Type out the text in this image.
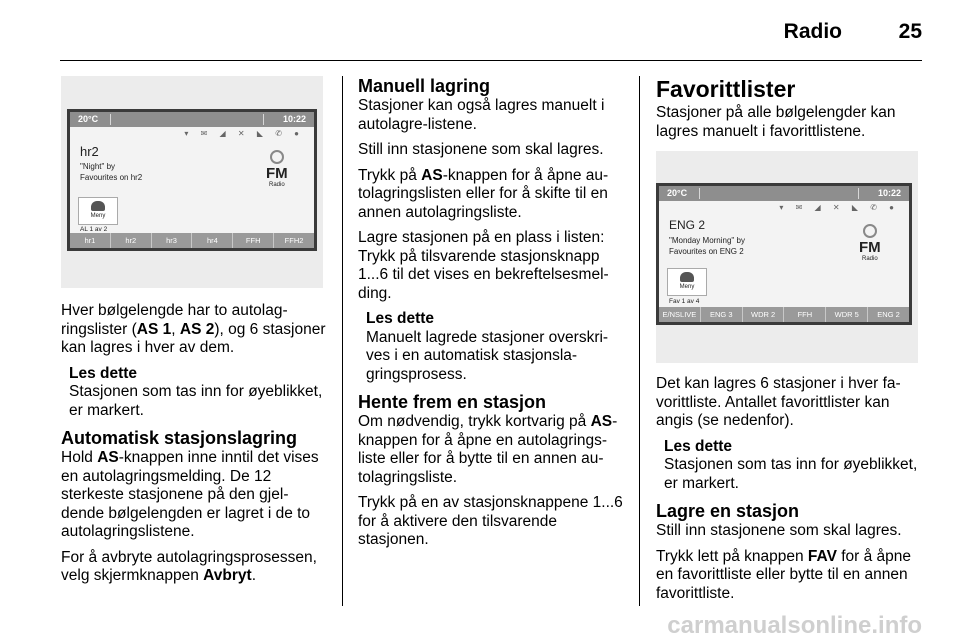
Radio	25
20°C	10:22
▾ ✉ ◢ ✕ ◣ ✆ ●
hr2
"Night" by
Favourites on hr2	FM
Radio
Meny
AL 1 av 2
hr1	hr2	hr3	hr4	FFH	FFH2

Hver bølgelengde har to autolag-ringslister (AS 1, AS 2), og 6 stasjoner kan lagres i hver av dem.

Les dette
Stasjonen som tas inn for øyeblikket, er markert.

Automatisk stasjonslagring

Hold AS-knappen inne inntil det vises en autolagringsmelding. De 12 sterkeste stasjonene på den gjel-dende bølgelengden er lagret i de to autolagringslistene.

For å avbryte autolagringsprosessen, velg skjermknappen Avbryt.

Manuell lagring

Stasjoner kan også lagres manuelt i autolagre-listene.

Still inn stasjonene som skal lagres.

Trykk på AS-knappen for å åpne au-tolagringslisten eller for å skifte til en annen autolagringsliste.

Lagre stasjonen på en plass i listen: Trykk på tilsvarende stasjonsknapp 1...6 til det vises en bekreftelsesmel-ding.

Les dette
Manuelt lagrede stasjoner overskri-ves i en automatisk stasjonsla-gringsprosess.

Hente frem en stasjon

Om nødvendig, trykk kortvarig på AS-knappen for å åpne en autolagrings-liste eller for å bytte til en annen au-tolagringsliste.

Trykk på en av stasjonsknappene 1...6 for å aktivere den tilsvarende stasjonen.

Favorittlister

Stasjoner på alle bølgelengder kan lagres manuelt i favorittlistene.

20°C	10:22
▾ ✉ ◢ ✕ ◣ ✆ ●
ENG 2
"Monday Morning" by
Favourites on ENG 2	FM
Radio
Meny
Fav 1 av 4
E/NSLIVE	ENG 3	WDR 2	FFH	WDR 5	ENG 2

Det kan lagres 6 stasjoner i hver fa-vorittliste. Antallet favorittlister kan angis (se nedenfor).

Les dette
Stasjonen som tas inn for øyeblikket, er markert.

Lagre en stasjon

Still inn stasjonene som skal lagres.

Trykk lett på knappen FAV for å åpne en favorittliste eller bytte til en annen favorittliste.

carmanualsonline.info
